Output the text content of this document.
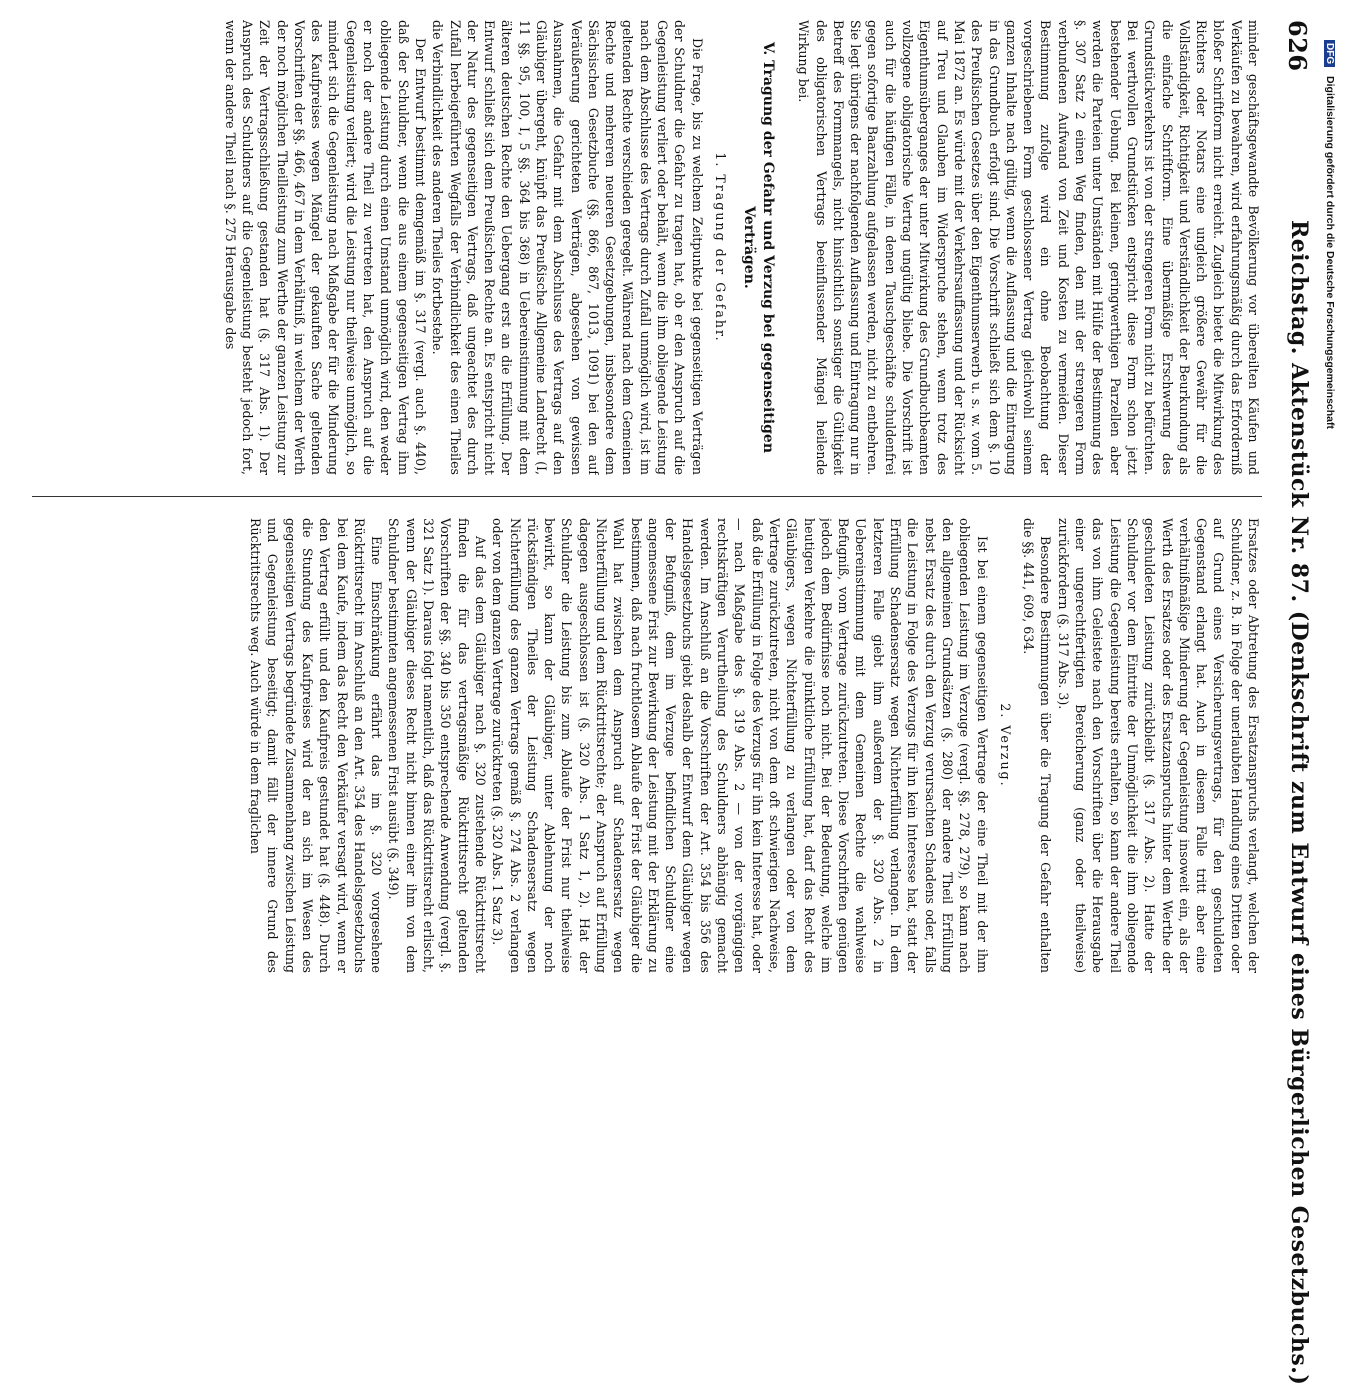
626
Reichstag. Aktenstück Nr. 87. (Denkschrift zum Entwurf eines Bürgerlichen Gesetzbuchs.)

minder geschäftsgewandte Bevölkerung vor übereilten Käufen und Verkäufen zu bewahren, wird erfahrungsmäßig durch das Erforderniß bloßer Schriftform nicht erreicht. Zugleich bietet die Mitwirkung des Richters oder Notars eine ungleich größere Gewähr für die Vollständigkeit, Richtigkeit und Verständlichkeit der Beurkundung als die einfache Schriftform. Eine übermäßige Erschwerung des Grundstückverkehrs ist von der strengeren Form nicht zu befürchten. Bei werthvollen Grundstücken entspricht diese Form schon jetzt bestehender Uebung. Bei kleinen, geringwerthigen Parzellen aber werden die Parteien unter Umständen mit Hülfe der Bestimmung des §. 307 Satz 2 einen Weg finden, den mit der strengeren Form verbundenen Aufwand von Zeit und Kosten zu vermeiden. Dieser Bestimmung zufolge wird ein ohne Beobachtung der vorgeschriebenen Form geschlossener Vertrag gleichwohl seinem ganzen Inhalte nach gültig, wenn die Auflassung und die Eintragung in das Grundbuch erfolgt sind. Die Vorschrift schließt sich dem §. 10 des Preußischen Gesetzes über den Eigenthumserwerb u. s. w. vom 5. Mai 1872 an. Es würde mit der Verkehrsauffassung und der Rücksicht auf Treu und Glauben im Widerspruche stehen, wenn trotz des Eigenthumsüberganges der unter Mitwirkung des Grundbuchbeamten vollzogene obligatorische Vertrag ungültig bliebe. Die Vorschrift ist auch für die häufigen Fälle, in denen Tauschgeschäfte schuldenfrei gegen sofortige Baarzahlung aufgelassen werden, nicht zu entbehren. Sie legt übrigens der nachfolgenden Auflassung und Eintragung nur in Betreff des Formmangels, nicht hinsichtlich sonstiger die Gültigkeit des obligatorischen Vertrags beeinflussender Mängel heilende Wirkung bei.

V. Tragung der Gefahr und Verzug bei gegenseitigen Verträgen.
1. Tragung der Gefahr.

Die Frage, bis zu welchem Zeitpunkte bei gegenseitigen Verträgen der Schuldner die Gefahr zu tragen hat, ob er den Anspruch auf die Gegenleistung verliert oder behält, wenn die ihm obliegende Leistung nach dem Abschlusse des Vertrags durch Zufall unmöglich wird, ist im geltenden Rechte verschieden geregelt. Während nach dem Gemeinen Rechte und mehreren neueren Gesetzgebungen, insbesondere dem Sächsischen Gesetzbuche (§§. 866, 867, 1013, 1091) bei den auf Veräußerung gerichteten Verträgen, abgesehen von gewissen Ausnahmen, die Gefahr mit dem Abschlusse des Vertrags auf den Gläubiger übergeht, knüpft das Preußische Allgemeine Landrecht (I, 11 §§. 95, 100, I, 5 §§. 364 bis 368) in Uebereinstimmung mit dem älteren deutschen Rechte den Uebergang erst an die Erfüllung. Der Entwurf schließt sich dem Preußischen Rechte an. Es entspricht nicht der Natur des gegenseitigen Vertrags, daß ungeachtet des durch Zufall herbeigeführten Wegfalls der Verbindlichkeit des einen Theiles die Verbindlichkeit des anderen Theiles fortbestehe.

Der Entwurf bestimmt demgemäß im §. 317 (vergl. auch §. 440), daß der Schuldner, wenn die aus einem gegenseitigen Vertrag ihm obliegende Leistung durch einen Umstand unmöglich wird, den weder er noch der andere Theil zu vertreten hat, den Anspruch auf die Gegenleistung verliert; wird die Leistung nur theilweise unmöglich, so mindert sich die Gegenleistung nach Maßgabe der für die Minderung des Kaufpreises wegen Mängel der gekauften Sache geltenden Vorschriften der §§. 466, 467 in dem Verhältniß, in welchem der Werth der noch möglichen Theilleistung zum Werthe der ganzen Leistung zur Zeit der Vertragsschließung gestanden hat (§. 317 Abs. 1). Der Anspruch des Schuldners auf die Gegenleistung besteht jedoch fort, wenn der andere Theil nach §. 275 Herausgabe des

Ersatzes oder Abtretung des Ersatzanspruchs verlangt, welchen der Schuldner, z. B. in Folge der unerlaubten Handlung eines Dritten oder auf Grund eines Versicherungsvertrags, für den geschuldeten Gegenstand erlangt hat. Auch in diesem Falle tritt aber eine verhältnißmäßige Minderung der Gegenleistung insoweit ein, als der Werth des Ersatzes oder des Ersatzanspruchs hinter dem Werthe der geschuldeten Leistung zurückbleibt (§. 317 Abs. 2). Hatte der Schuldner vor dem Eintritte der Unmöglichkeit die ihm obliegende Leistung die Gegenleistung bereits erhalten, so kann der andere Theil das von ihm Geleistete nach den Vorschriften über die Herausgabe einer ungerechtfertigten Bereicherung (ganz oder theilweise) zurückfordern (§. 317 Abs. 3).

Besondere Bestimmungen über die Tragung der Gefahr enthalten die §§. 441, 609, 634.

2. Verzug.

Ist bei einem gegenseitigen Vertrage der eine Theil mit der ihm obliegenden Leistung im Verzuge (vergl. §§. 278, 279), so kann nach den allgemeinen Grundsätzen (§. 280) der andere Theil Erfüllung nebst Ersatz des durch den Verzug verursachten Schadens oder, falls die Leistung in Folge des Verzugs für ihn kein Interesse hat, statt der Erfüllung Schadensersatz wegen Nichterfüllung verlangen. In dem letzteren Falle giebt ihm außerdem der §. 320 Abs. 2 in Uebereinstimmung mit dem Gemeinen Rechte die wahlweise Befugniß, vom Vertrage zurückzutreten. Diese Vorschriften genügen jedoch dem Bedürfnisse noch nicht. Bei der Bedeutung, welche im heutigen Verkehre die pünktliche Erfüllung hat, darf das Recht des Gläubigers, wegen Nichterfüllung zu verlangen oder von dem Vertrage zurückzutreten, nicht von dem oft schwierigen Nachweise, daß die Erfüllung in Folge des Verzugs für ihn kein Interesse hat, oder — nach Maßgabe des §. 319 Abs. 2 — von der vorgängigen rechtskräftigen Verurtheilung des Schuldners abhängig gemacht werden. Im Anschluß an die Vorschriften der Art. 354 bis 356 des Handelsgesetzbuchs giebt deshalb der Entwurf dem Gläubiger wegen der Befugniß, dem im Verzuge befindlichen Schuldner eine angemessene Frist zur Bewirkung der Leistung mit der Erklärung zu bestimmen, daß nach fruchtlosem Ablaufe der Frist der Gläubiger die Wahl hat zwischen dem Anspruch auf Schadensersatz wegen Nichterfüllung und dem Rücktrittsrechte; der Anspruch auf Erfüllung dagegen ausgeschlossen ist (§. 320 Abs. 1 Satz 1, 2). Hat der Schuldner die Leistung bis zum Ablaufe der Frist nur theilweise bewirkt, so kann der Gläubiger, unter Ablehnung der noch rückständigen Theiles der Leistung Schadensersatz wegen Nichterfüllung des ganzen Vertrags gemäß §. 274 Abs. 2 verlangen oder von dem ganzen Vertrage zurücktreten (§. 320 Abs. 1 Satz 3).

Auf das dem Gläubiger nach §. 320 zustehende Rücktrittsrecht finden die für das vertragsmäßige Rücktrittsrecht geltenden Vorschriften der §§. 340 bis 350 entsprechende Anwendung (vergl. §. 321 Satz 1). Daraus folgt namentlich, daß das Rücktrittsrecht erlischt, wenn der Gläubiger dieses Recht nicht binnen einer ihm von dem Schuldner bestimmten angemessenen Frist ausübt (§. 349).

Eine Einschränkung erfährt das im §. 320 vorgesehene Rücktrittsrecht im Anschluß an den Art. 354 des Handelsgesetzbuchs bei dem Kaufe, indem das Recht den Verkäufer versagt wird, wenn er den Vertrag erfüllt und den Kaufpreis gestundet hat (§. 448). Durch die Stundung des Kaufpreises wird der an sich im Wesen des gegenseitigen Vertrags begründete Zusammenhang zwischen Leistung und Gegenleistung beseitigt; damit fällt der innere Grund des Rücktrittsrechts weg. Auch würde in dem fraglichen

DFG Digitalisierung gefördert durch die Deutsche Forschungsgemeinschaft
